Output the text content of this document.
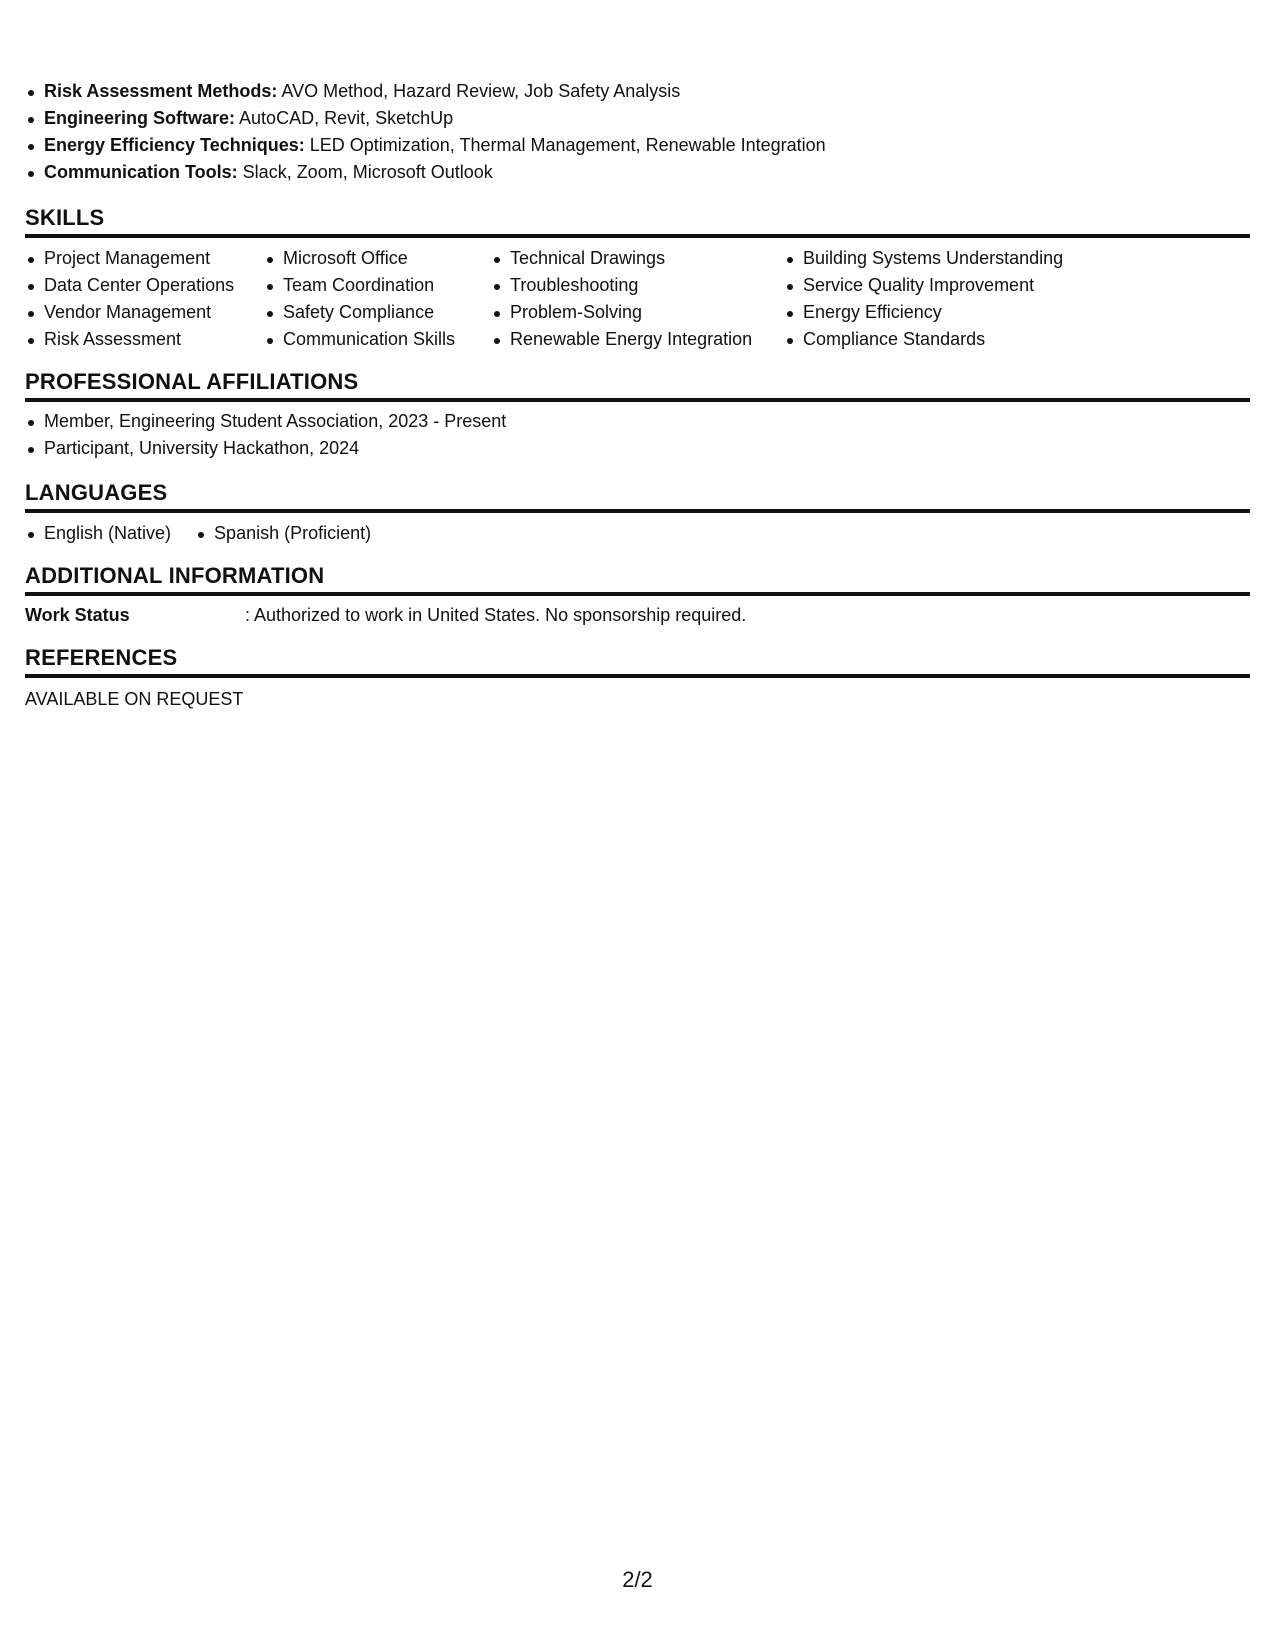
Risk Assessment Methods: AVO Method, Hazard Review, Job Safety Analysis
Engineering Software: AutoCAD, Revit, SketchUp
Energy Efficiency Techniques: LED Optimization, Thermal Management, Renewable Integration
Communication Tools: Slack, Zoom, Microsoft Outlook
SKILLS
Project Management
Data Center Operations
Vendor Management
Risk Assessment
Microsoft Office
Team Coordination
Safety Compliance
Communication Skills
Technical Drawings
Troubleshooting
Problem-Solving
Renewable Energy Integration
Building Systems Understanding
Service Quality Improvement
Energy Efficiency
Compliance Standards
PROFESSIONAL AFFILIATIONS
Member, Engineering Student Association, 2023 - Present
Participant, University Hackathon, 2024
LANGUAGES
English (Native)	Spanish (Proficient)
ADDITIONAL INFORMATION
Work Status	: Authorized to work in United States. No sponsorship required.
REFERENCES
AVAILABLE ON REQUEST
2/2
